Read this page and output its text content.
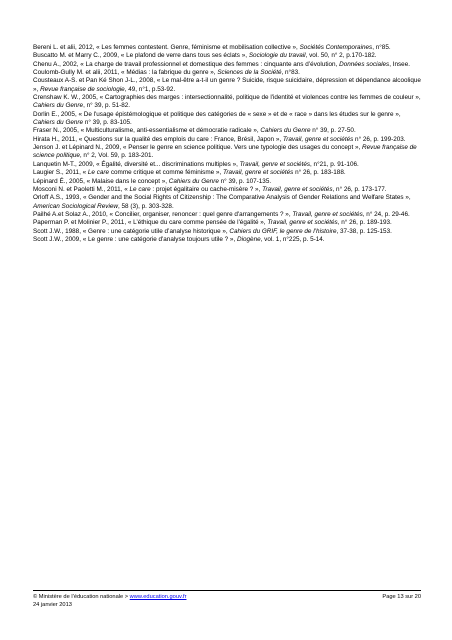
Bereni L. et alii, 2012, « Les femmes contestent. Genre, féminisme et mobilisation collective », Sociétés Contemporaines, n°85.

Buscatto M. et Marry C., 2009, « Le plafond de verre dans tous ses éclats », Sociologie du travail, vol. 50, n° 2, p.170-182.

Chenu A., 2002, « La charge de travail professionnel et domestique des femmes : cinquante ans d’évolution, Données sociales, Insee.

Coulomb-Gully M. et alii, 2011, « Médias : la fabrique du genre », Sciences de la Société, n°83.

Cousteaux A-S. et Pan Ké Shon J-L., 2008, « Le mal-être a-t-il un genre ? Suicide, risque suicidaire, dépression et dépendance alcoolique », Revue française de sociologie, 49, n°1, p.53-92.

Crenshaw K. W., 2005, « Cartographies des marges : intersectionnalité, politique de l'identité et violences contre les femmes de couleur », Cahiers du Genre, n° 39, p. 51-82.

Dorlin E., 2005, « De l'usage épistémologique et politique des catégories de « sexe » et de « race » dans les études sur le genre », Cahiers du Genre n° 39, p. 83-105.

Fraser N., 2005, « Multiculturalisme, anti-essentialisme et démocratie radicale », Cahiers du Genre n° 39, p. 27-50.

Hirata H., 2011, « Questions sur la qualité des emplois du care : France, Brésil, Japon », Travail, genre et sociétés n° 26, p. 199-203.

Jenson J. et Lépinard N., 2009, « Penser le genre en science politique. Vers une typologie des usages du concept », Revue française de science politique, n° 2, Vol. 59, p. 183-201.

Lanquetin M-T., 2009, « Égalité, diversité et... discriminations multiples », Travail, genre et sociétés, n°21, p. 91-106.

Laugier S., 2011, « Le care comme critique et comme féminisme », Travail, genre et sociétés n° 26, p. 183-188.

Lépinard É., 2005, « Malaise dans le concept », Cahiers du Genre n° 39, p. 107-135.

Mosconi N. et Paoletti M., 2011, « Le care : projet égalitaire ou cache-misère ? », Travail, genre et sociétés, n° 26, p. 173-177.

Orloff A.S., 1993, « Gender and the Social Rights of Citizenship : The Comparative Analysis of Gender Relations and Welfare States », American Sociological Review, 58 (3), p. 303-328.

Pailhé A.et Solaz A., 2010, « Concilier, organiser, renoncer : quel genre d'arrangements ? », Travail, genre et sociétés, n° 24, p. 29-46.

Paperman P. et Molinier P., 2011, « L’éthique du care comme pensée de l'égalité », Travail, genre et sociétés, n° 26, p. 189-193.

Scott J.W., 1988, « Genre : une catégorie utile d’analyse historique », Cahiers du GRIF, le genre de l’histoire, 37-38, p. 125-153.

Scott J.W., 2009, « Le genre : une catégorie d'analyse toujours utile ? », Diogène, vol. 1, n°225, p. 5-14.

© Ministère de l’éducation nationale > www.education.gouv.fr	Page 13 sur 20
24 janvier 2013
